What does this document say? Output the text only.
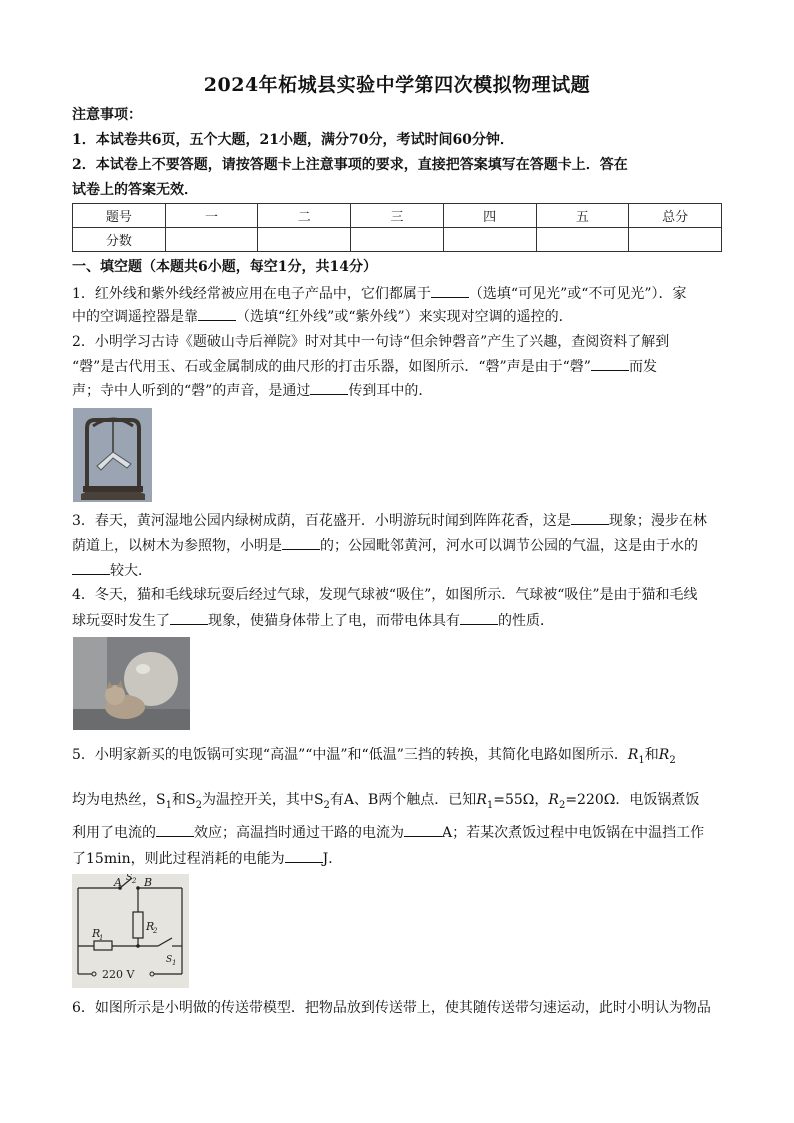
2024年柘城县实验中学第四次模拟物理试题
注意事项：
1．本试卷共6页，五个大题，21小题，满分70分，考试时间60分钟．
2．本试卷上不要答题，请按答题卡上注意事项的要求，直接把答案填写在答题卡上．答在
试卷上的答案无效．
题号	一	二	三	四	五	总分
分数						
一、填空题（本题共6小题，每空1分，共14分）
1．红外线和紫外线经常被应用在电子产品中，它们都属于	（选填“可见光”或“不可见光”）．家
中的空调遥控器是靠	（选填“红外线”或“紫外线”）来实现对空调的遥控的．
2．小明学习古诗《题破山寺后禅院》时对其中一句诗“但余钟磬音”产生了兴趣，查阅资料了解到
“磬”是古代用玉、石或金属制成的曲尺形的打击乐器，如图所示．“磬”声是由于“磬”	而发
声；寺中人听到的“磬”的声音，是通过	传到耳中的．
3．春天，黄河湿地公园内绿树成荫，百花盛开．小明游玩时闻到阵阵花香，这是	现象；漫步在林
荫道上，以树木为参照物，小明是	的；公园毗邻黄河，河水可以调节公园的气温，这是由于水的
较大．
4．冬天，猫和毛线球玩耍后经过气球，发现气球被“吸住”，如图所示．气球被“吸住”是由于猫和毛线
球玩耍时发生了	现象，使猫身体带上了电，而带电体具有	的性质．
5．小明家新买的电饭锅可实现“高温”“中温”和“低温”三挡的转换，其简化电路如图所示．$R_1$和$R_2$
均为电热丝，$S_1$和$S_2$为温控开关，其中$S_2$有A、B两个触点．已知$R_1=55\Omega$，$R_2=220\Omega$．电饭锅煮饭
利用了电流的	效应；高温挡时通过干路的电流为	A；若某次煮饭过程中电饭锅在中温挡工作
了15min，则此过程消耗的电能为	J．
A B
S 2
R
1
R
2
S 1
220 V
6．如图所示是小明做的传送带模型．把物品放到传送带上，使其随传送带匀速运动，此时小明认为物品
